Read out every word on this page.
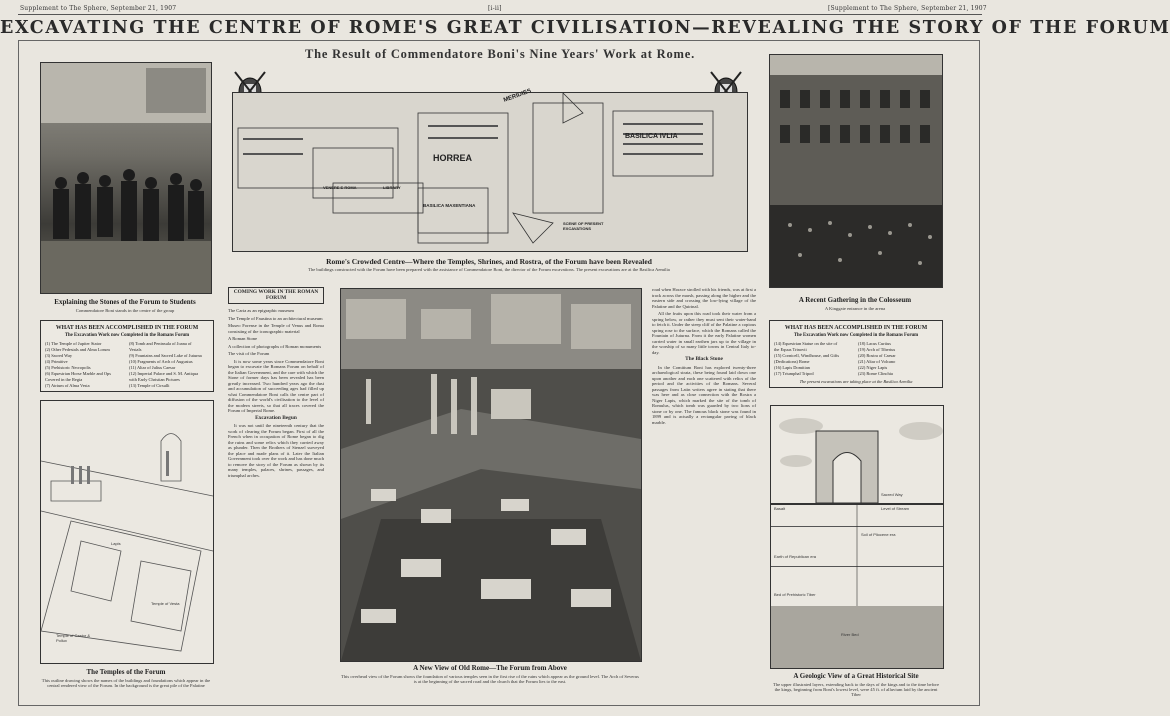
Supplement to The Sphere, September 21, 1907	[i-ii]	[Supplement to The Sphere, September 21, 1907
EXCAVATING THE CENTRE OF ROME'S GREAT CIVILISATION—REVEALING THE STORY OF THE FORUM
The Result of Commendatore Boni's Nine Years' Work at Rome.
Explaining the Stones of the Forum to Students
Commendatore Boni stands in the centre of the group
HORREA
BASILICA IVLIA
BASILICA MAXENTIANA
VENERE E ROMA	LIBRARY
MERIDIES
SCENE OF PRESENT EXCAVATIONS
Rome's Crowded Centre—Where the Temples, Shrines, and Rostra, of the Forum have been Revealed
The buildings constructed with the Forum have been prepared with the assistance of Commendatore Boni, the director of the Forum excavations. The present excavations are at the Basilica Aemilia
A Recent Gathering in the Colosseum
A Kinggate entrance in the arena
WHAT HAS BEEN ACCOMPLISHED IN THE FORUM
The Excavation Work now Completed in the Romans Forum
(1) The Temple of Jupiter Stator
(2) Other Pedestals and Alma Lorum
(3) Sacred Way
(4) Primitive
(5) Prehistoric Necropolis
(6) Equestrian Horse Marble and Ops
Covered in the Regia
(7) Atrium of Alma Vesta
(8) Tomb and Peninsula of Joana of
Vestals
(9) Fountains and Sacred Lake of Juturna
(10) Fragments of Arch of Augustus
(11) Altar of Julius Caesar
(12) Imperial Palace and S. M. Antiqua
with Early Christian Pictures
(13) Temple of Cirsulli
WHAT HAS BEEN ACCOMPLISHED IN THE FORUM
The Excavation Work now Completed in the Romans Forum
(14) Equestrian Statue on the site of
the Equus Trinovii
(15) Cornicell, Windhouse, and Gifts
(Dedications) Rome
(16) Lapis Domitian
(17) Triumphal Tripod
(18) Lacus Curtius
(19) Arch of Tiberius
(20) Rostra of Caesar
(21) Altar of Volcano
(22) Niger Lapis
(23) Rome Clinchia
The present excavations are taking place at the Basilica Aemilia
COMING WORK IN THE ROMAN FORUM

The Caria as an epigraphic museum

The Temple of Faustina to an architectural museum

Museo Forense in the Temple of Venus and Roma consisting of the iconographic material

A Roman Stone

A collection of photographs of Roman monuments

The visit of the Forum

It is now some years since Commendatore Boni began to excavate the Romans Forum on behalf of the Italian Government, and the care with which the Stone of former days has been revealed has been greatly increased. Two hundred years ago the dust and accumulation of succeeding ages had filled up what Commendatore Boni calls the centre part of diffusion of the world's civilisation to the level of the modern streets, so that all traces covered the Forum of Imperial Rome.

Excavation Begun

It was not until the nineteenth century that the work of clearing the Forum began. First of all the French when in occupation of Rome began to dig the ruins and some relics which they carried away as plunder. Then the Brothers of Stenzel surveyed the place and made plans of it. Later the Italian Government took over the work and has done much to remove the story of the Forum as shown by its many temples, palaces, shrines, passages, and triumphal arches.

A New View of Old Rome—The Forum from Above
This overhead view of the Forum shows the foundation of various temples seen in the first rise of the ruins which appear as the ground level. The Arch of Severus is at the beginning of the sacred road and the church that the Forum lies to the east.

road when Horace strolled with his friends, was at first a track across the marsh, passing along the higher and the eastern side and crossing the low-lying village of the Palatine and the Quirinal.

All the fruits upon this road took their water from a spring below, or rather they must sent their water-hand to fetch it. Under the steep cliff of the Palatine a copious spring rose to the surface, which the Romans called the Fountain of Juturna. From it the early Palatine women carried water in small earthen jars up to the village in the worship of so many little towns in Central Italy to-day.

The Black Stone

In the Comitium Boni has explored twenty-three archaeological strata, these being found laid down one upon another and each one scattered with relics of the period and the activities of the Romans. Several passages from Latin writers agree in stating that there was here and as close connection with the Rostra a Niger Lapis, which marked the site of the tomb of Romulus, which tomb was guarded by two lions of stone or by one. The famous black stone was found in 1899 and is actually a rectangular paving of black marble.

Temple of Castor & Pollux
Lapis
Temple of Vesta
The Temples of the Forum
This outline drawing shows the names of the buildings and foundations which appear in the central rendered view of the Forum. In the background is the great pile of the Palatine
Basalt
Sacred Way
Level of Stream
Earth of Republican era
Soil of Pliocene era
Bed of Prehistoric Tiber
River Bed
A Geologic View of a Great Historical Site
The upper illustrated layers, extending back to the days of the kings and to the time before the kings, beginning from Boni's lowest level, were 45 ft. of alluvium laid by the ancient Tiber
